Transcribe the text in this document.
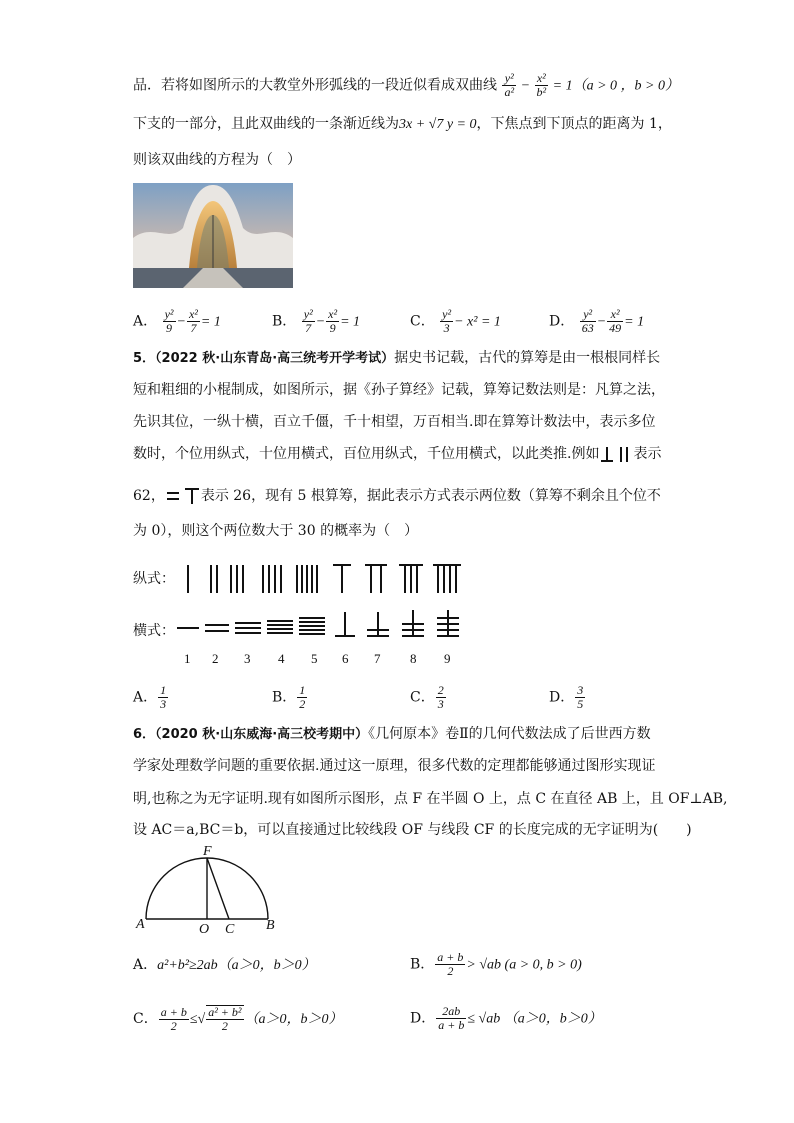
品．若将如图所示的大教堂外形弧线的一段近似看成双曲线 $\frac{\text{y²}}{\text{a²}} - \frac{\text{x²}}{\text{b²}} = 1(a > 0$ ，b > 0）
下支的一部分，且此双曲线的一条渐近线为3x + √7 y = 0，下焦点到下顶点的距离为 1，
则该双曲线的方程为（　）
A． $\frac{\text{y²}}{9} - \frac{\text{x²}}{7} = 1$	B． $\frac{\text{y²}}{7} - \frac{\text{x²}}{9} = 1$	C． $\frac{\text{y²}}{3} - x^2 = 1$	D． $\frac{\text{y²}}{63} - \frac{\text{x²}}{49} = 1$
5．（2022 秋·山东青岛·高三统考开学考试）据史书记载，古代的算筹是由一根根同样长
短和粗细的小棍制成，如图所示，据《孙子算经》记载，算筹记数法则是：凡算之法，
先识其位，一纵十横，百立千僵，千十相望，万百相当.即在算筹计数法中，表示多位
数时，个位用纵式，十位用横式，百位用纵式，千位用横式，以此类推.例如 表示
62，	表示 26，现有 5 根算筹，据此表示方式表示两位数（算筹不剩余且个位不
为 0），则这个两位数大于 30 的概率为（　）
纵式：
横式：
1 2 3 4 5 6 7 8 9
A． $\frac{1}{3}$	B． $\frac{1}{2}$	C． $\frac{2}{3}$	D． $\frac{3}{5}$
6．（2020 秋·山东威海·高三校考期中）《几何原本》卷Ⅱ的几何代数法成了后世西方数
学家处理数学问题的重要依据.通过这一原理，很多代数的定理都能够通过图形实现证
明,也称之为无字证明.现有如图所示图形，点 F 在半圆 O 上，点 C 在直径 AB 上，且 OF⊥AB,
设 AC＝a,BC＝b，可以直接通过比较线段 OF 与线段 CF 的长度完成的无字证明为(　　)
F
A	O C B
A．a²+b²≥2ab（a＞0，b＞0）	B． $\frac{a + b}{2} > √ab$ (a > 0, b > 0)
C． $\frac{a + b}{2}$ ≤√ $\frac{\text{a² + b²}}{2} (a>0$，b＞0）	D． $\frac{2ab}{a + b} \le √ab$ （a＞0，b＞0）
